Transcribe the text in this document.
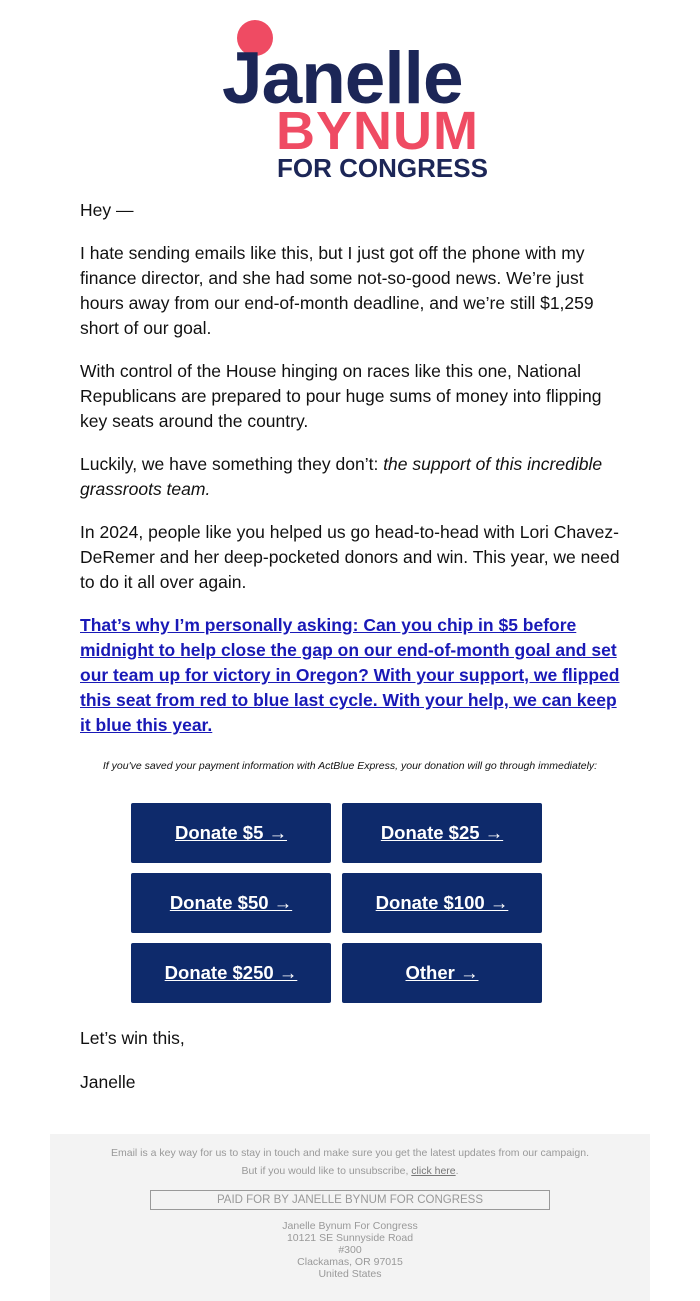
Janelle
BYNUM
FOR CONGRESS

Hey —

I hate sending emails like this, but I just got off the phone with my finance director, and she had some not-so-good news. We’re just hours away from our end-of-month deadline, and we’re still $1,259 short of our goal.

With control of the House hinging on races like this one, National Republicans are prepared to pour huge sums of money into flipping key seats around the country.

Luckily, we have something they don’t: the support of this incredible grassroots team.

In 2024, people like you helped us go head-to-head with Lori Chavez-DeRemer and her deep-pocketed donors and win. This year, we need to do it all over again.

That’s why I’m personally asking: Can you chip in $5 before midnight to help close the gap on our end-of-month goal and set our team up for victory in Oregon? With your support, we flipped this seat from red to blue last cycle. With your help, we can keep it blue this year.
If you've saved your payment information with ActBlue Express, your donation will go through immediately:
Donate $5 →	Donate $25 →
Donate $50 →	Donate $100 →
Donate $250 →	Other →
Let’s win this,
Janelle
Email is a key way for us to stay in touch and make sure you get the latest updates from our campaign.
But if you would like to unsubscribe, click here.
PAID FOR BY JANELLE BYNUM FOR CONGRESS
Janelle Bynum For Congress
10121 SE Sunnyside Road
#300
Clackamas, OR 97015
United States
